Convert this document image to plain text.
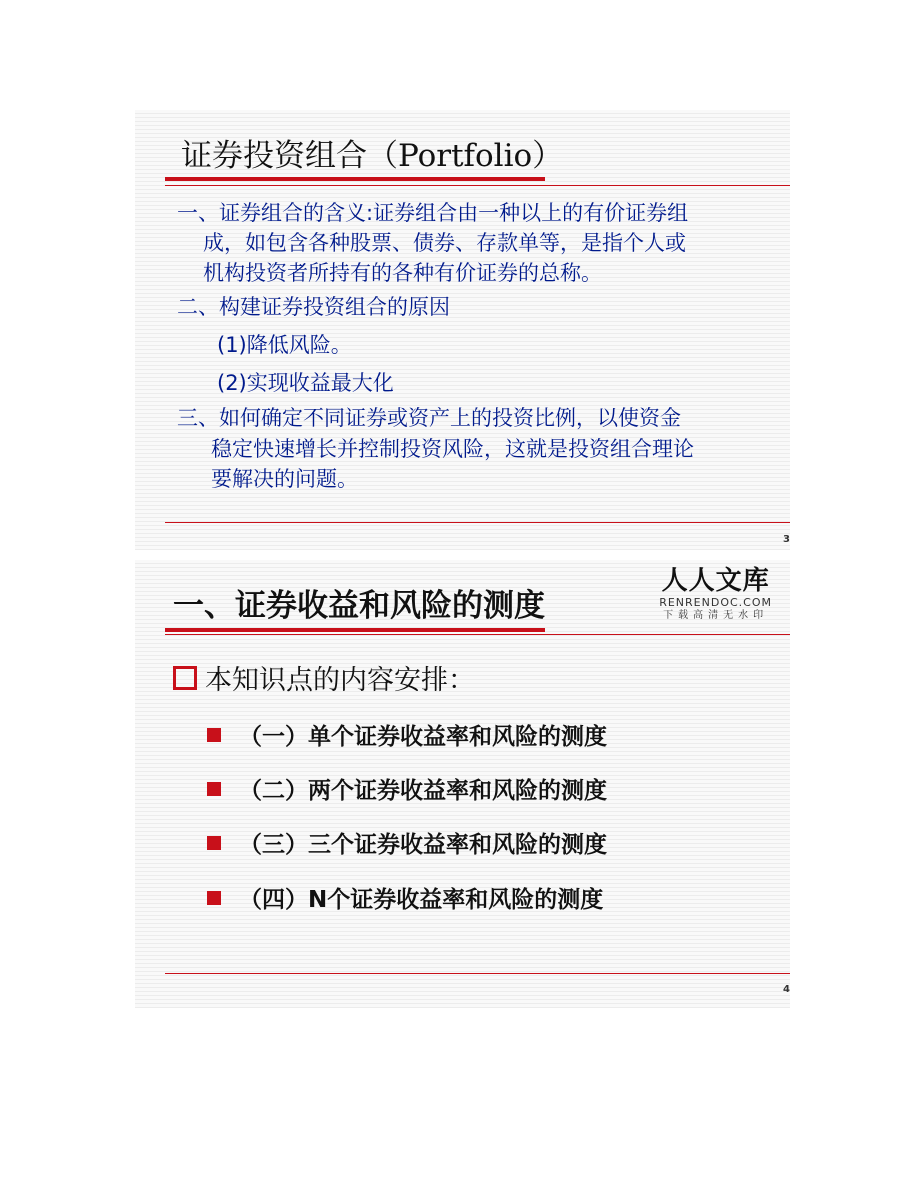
证券投资组合（Portfolio）
一、证券组合的含义:证券组合由一种以上的有价证券组
成，如包含各种股票、债券、存款单等，是指个人或
机构投资者所持有的各种有价证券的总称。
二、构建证券投资组合的原因
(1)降低风险。
(2)实现收益最大化
三、如何确定不同证券或资产上的投资比例，以使资金
稳定快速增长并控制投资风险，这就是投资组合理论
要解决的问题。
3
一、证券收益和风险的测度
人人文库
RENRENDOC.COM
下载高清无水印
本知识点的内容安排：
（一）单个证券收益率和风险的测度
（二）两个证券收益率和风险的测度
（三）三个证券收益率和风险的测度
（四）N个证券收益率和风险的测度
4
